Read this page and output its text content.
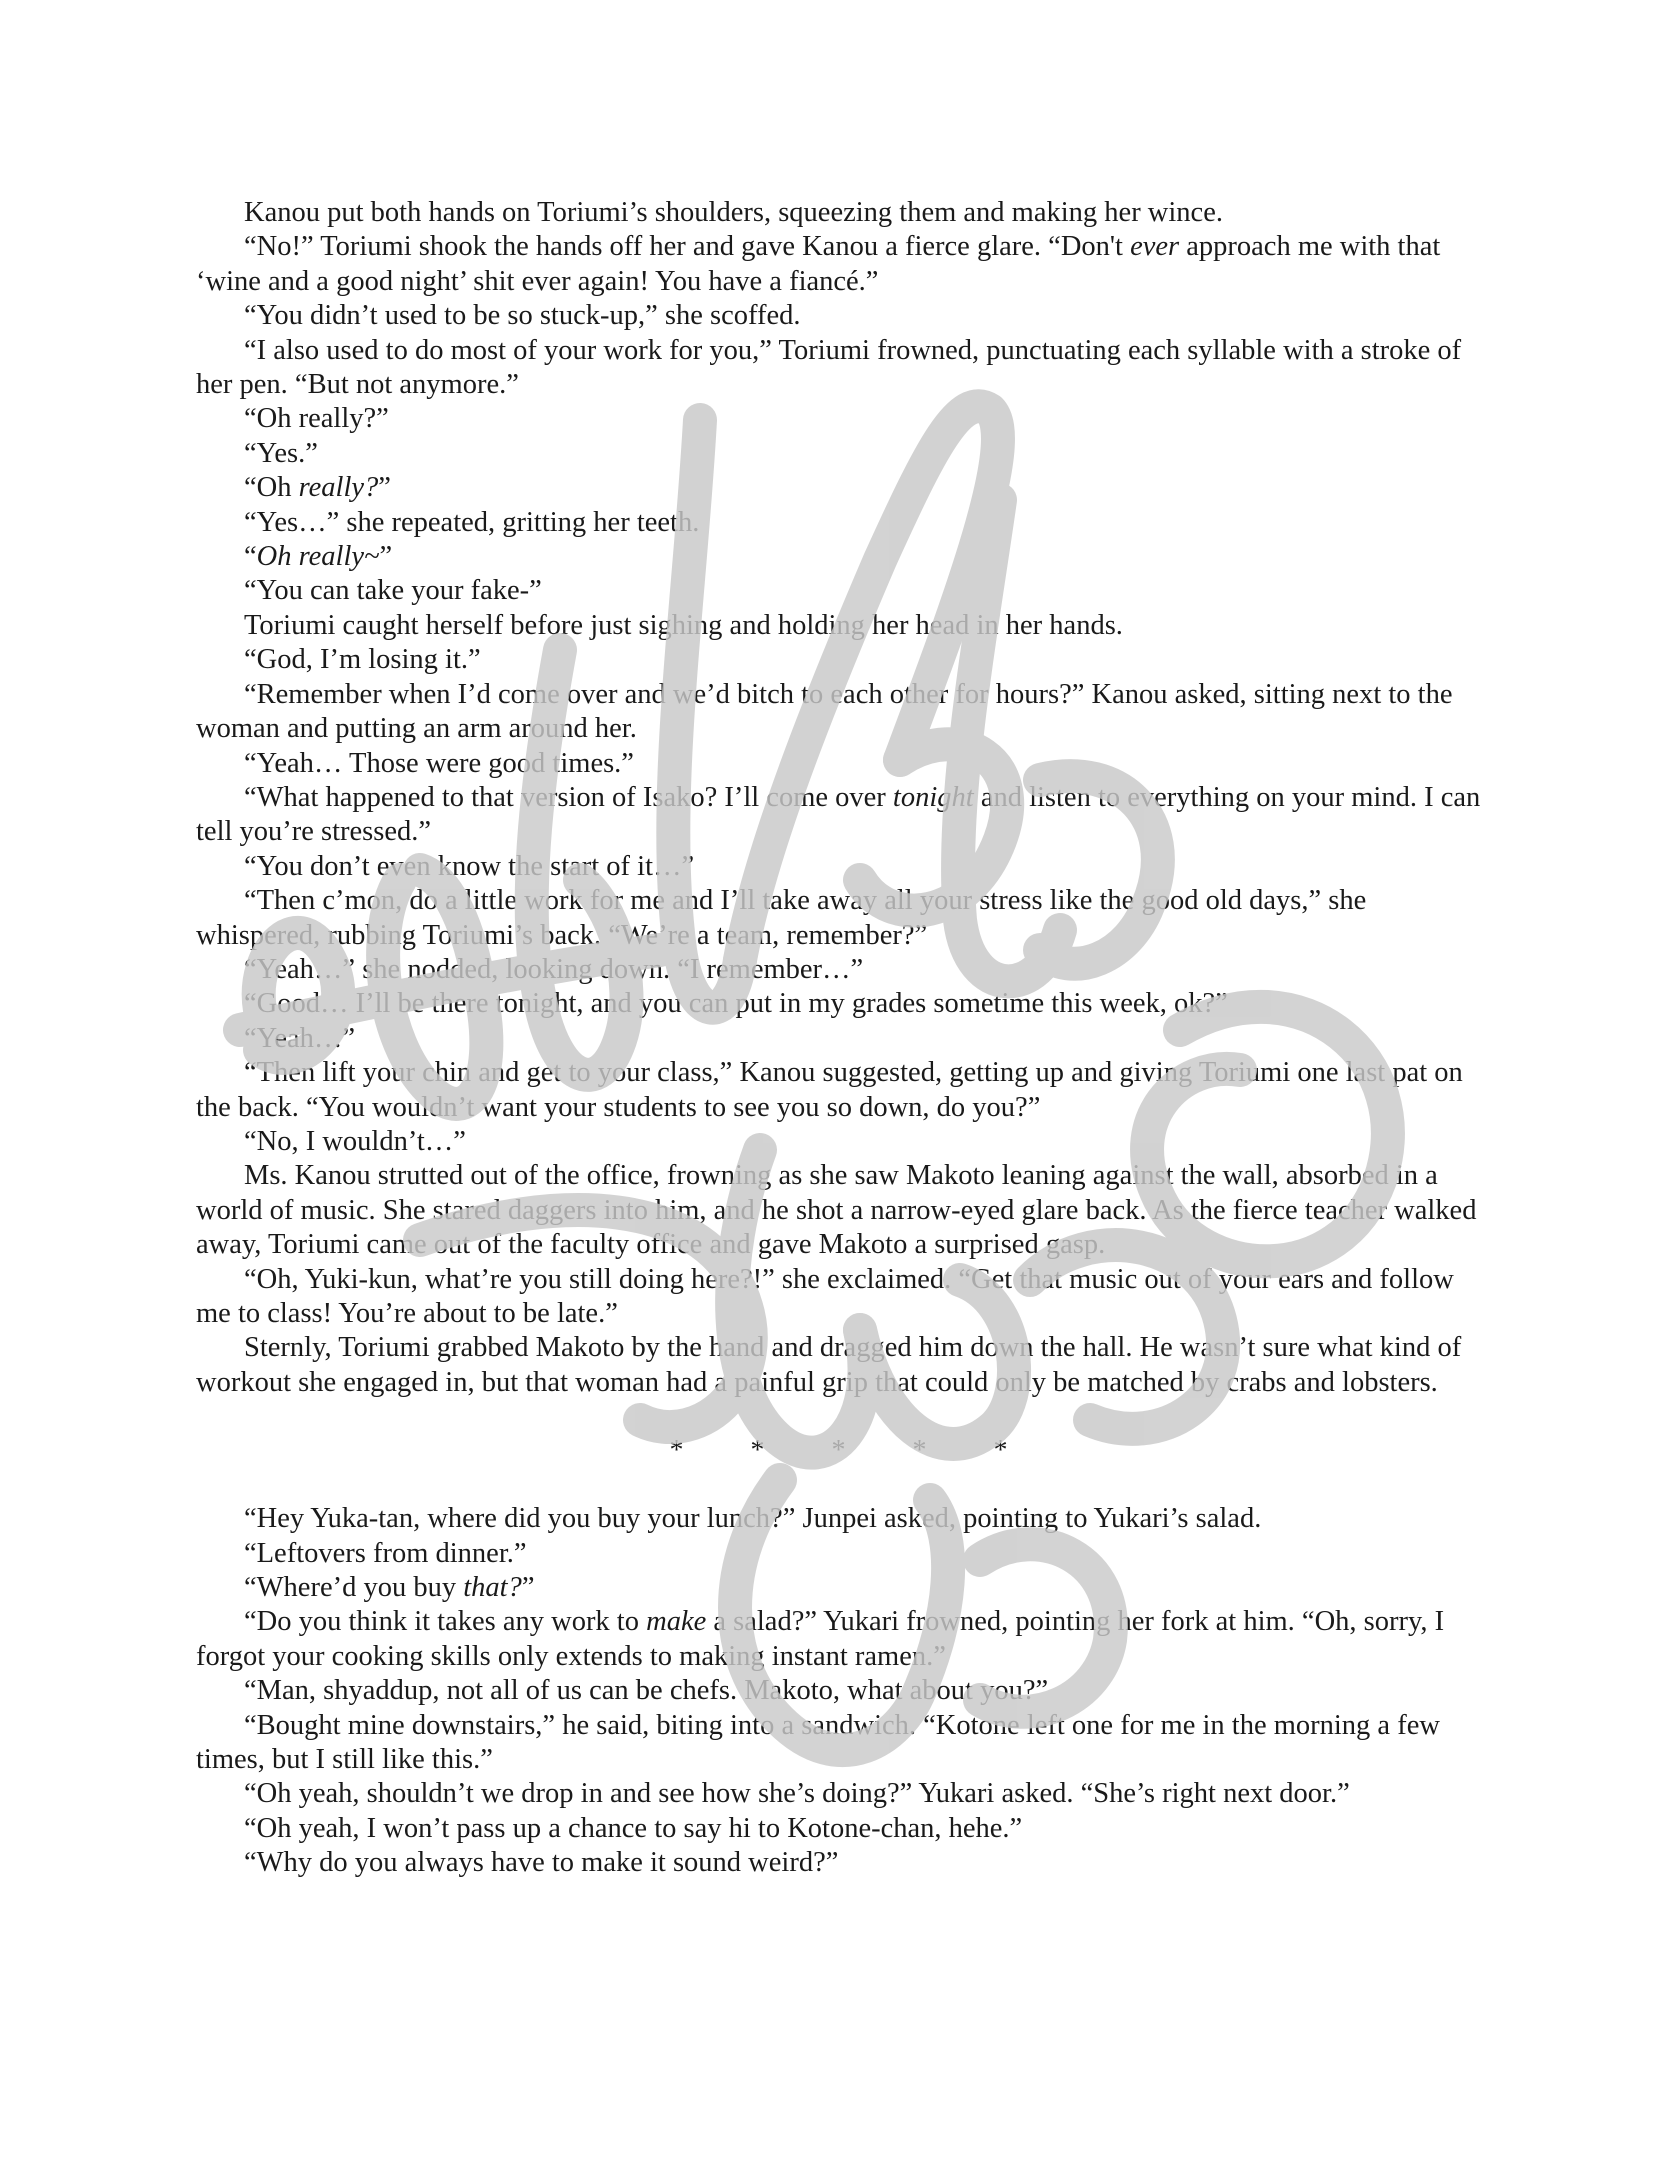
Kanou put both hands on Toriumi’s shoulders, squeezing them and making her wince.

“No!” Toriumi shook the hands off her and gave Kanou a fierce glare. “Don't ever approach me with that ‘wine and a good night’ shit ever again! You have a fiancé.”

“You didn’t used to be so stuck-up,” she scoffed.

“I also used to do most of your work for you,” Toriumi frowned, punctuating each syllable with a stroke of her pen. “But not anymore.”

“Oh really?”

“Yes.”

“Oh really?”

“Yes…” she repeated, gritting her teeth.

“Oh really~”

“You can take your fake-”

Toriumi caught herself before just sighing and holding her head in her hands.

“God, I’m losing it.”

“Remember when I’d come over and we’d bitch to each other for hours?” Kanou asked, sitting next to the woman and putting an arm around her.

“Yeah… Those were good times.”

“What happened to that version of Isako? I’ll come over tonight and listen to everything on your mind. I can tell you’re stressed.”

“You don’t even know the start of it…”

“Then c’mon, do a little work for me and I’ll take away all your stress like the good old days,” she whispered, rubbing Toriumi’s back. “We’re a team, remember?”

“Yeah…” she nodded, looking down. “I remember…”

“Good… I’ll be there tonight, and you can put in my grades sometime this week, ok?”

“Yeah…”

“Then lift your chin and get to your class,” Kanou suggested, getting up and giving Toriumi one last pat on the back. “You wouldn’t want your students to see you so down, do you?”

“No, I wouldn’t…”

Ms. Kanou strutted out of the office, frowning as she saw Makoto leaning against the wall, absorbed in a world of music. She stared daggers into him, and he shot a narrow-eyed glare back. As the fierce teacher walked away, Toriumi came out of the faculty office and gave Makoto a surprised gasp.

“Oh, Yuki-kun, what’re you still doing here?!” she exclaimed. “Get that music out of your ears and follow me to class! You’re about to be late.”

Sternly, Toriumi grabbed Makoto by the hand and dragged him down the hall. He wasn’t sure what kind of workout she engaged in, but that woman had a painful grip that could only be matched by crabs and lobsters.

* * * * *

“Hey Yuka-tan, where did you buy your lunch?” Junpei asked, pointing to Yukari’s salad.

“Leftovers from dinner.”

“Where’d you buy that?”

“Do you think it takes any work to make a salad?” Yukari frowned, pointing her fork at him. “Oh, sorry, I forgot your cooking skills only extends to making instant ramen.”

“Man, shyaddup, not all of us can be chefs. Makoto, what about you?”

“Bought mine downstairs,” he said, biting into a sandwich. “Kotone left one for me in the morning a few times, but I still like this.”

“Oh yeah, shouldn’t we drop in and see how she’s doing?” Yukari asked. “She’s right next door.”

“Oh yeah, I won’t pass up a chance to say hi to Kotone-chan, hehe.”

“Why do you always have to make it sound weird?”
